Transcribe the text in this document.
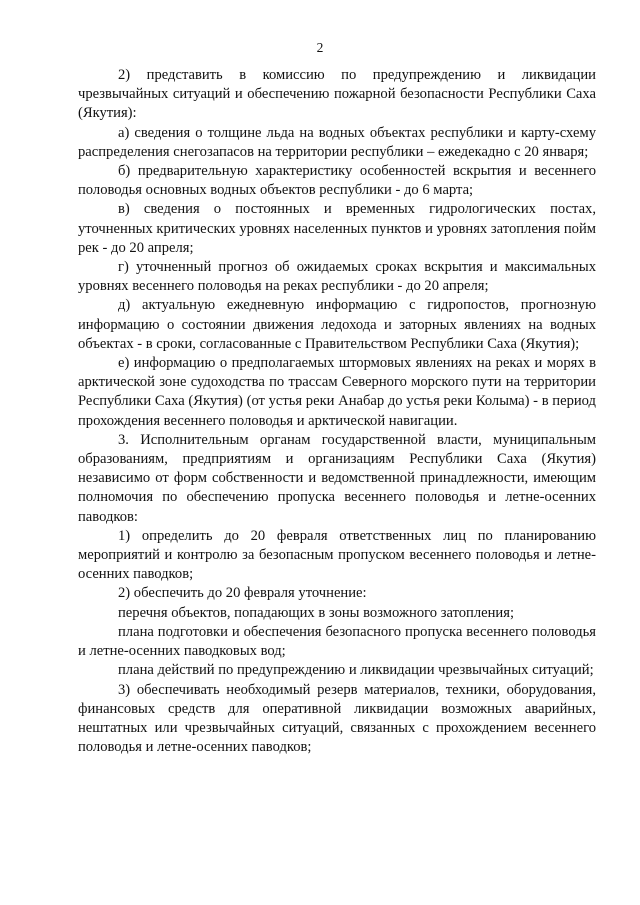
2

2) представить в комиссию по предупреждению и ликвидации чрезвычайных ситуаций и обеспечению пожарной безопасности Республики Саха (Якутия):

а) сведения о толщине льда на водных объектах республики и карту-схему распределения снегозапасов на территории республики – ежедекадно с 20 января;

б) предварительную характеристику особенностей вскрытия и весеннего половодья основных водных объектов республики - до 6 марта;

в) сведения о постоянных и временных гидрологических постах, уточненных критических уровнях населенных пунктов и уровнях затопления пойм рек - до 20 апреля;

г) уточненный прогноз об ожидаемых сроках вскрытия и максимальных уровнях весеннего половодья на реках республики - до 20 апреля;

д) актуальную ежедневную информацию с гидропостов, прогнозную информацию о состоянии движения ледохода и заторных явлениях на водных объектах - в сроки, согласованные с Правительством Республики Саха (Якутия);

е) информацию о предполагаемых штормовых явлениях на реках и морях в арктической зоне судоходства по трассам Северного морского пути на территории Республики Саха (Якутия) (от устья реки Анабар до устья реки Колыма) - в период прохождения весеннего половодья и арктической навигации.

3. Исполнительным органам государственной власти, муниципальным образованиям, предприятиям и организациям Республики Саха (Якутия) независимо от форм собственности и ведомственной принадлежности, имеющим полномочия по обеспечению пропуска весеннего половодья и летне-осенних паводков:

1) определить до 20 февраля ответственных лиц по планированию мероприятий и контролю за безопасным пропуском весеннего половодья и летне-осенних паводков;

2) обеспечить до 20 февраля уточнение:

перечня объектов, попадающих в зоны возможного затопления;

плана подготовки и обеспечения безопасного пропуска весеннего половодья и летне-осенних паводковых вод;

плана действий по предупреждению и ликвидации чрезвычайных ситуаций;

3) обеспечивать необходимый резерв материалов, техники, оборудования, финансовых средств для оперативной ликвидации возможных аварийных, нештатных или чрезвычайных ситуаций, связанных с прохождением весеннего половодья и летне-осенних паводков;
